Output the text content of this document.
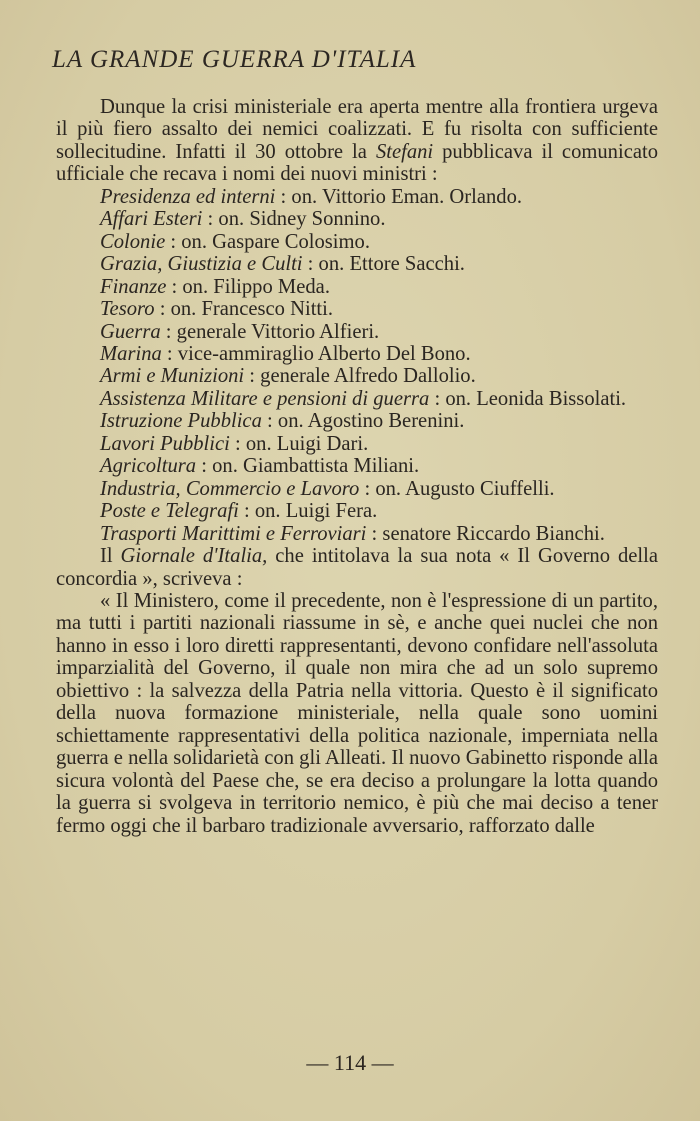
LA GRANDE GUERRA D'ITALIA

Dunque la crisi ministeriale era aperta mentre alla frontiera urgeva il più fiero assalto dei nemici coalizzati. E fu risolta con sufficiente sollecitudine. Infatti il 30 ottobre la Stefani pubblicava il comunicato ufficiale che recava i nomi dei nuovi ministri :

Presidenza ed interni : on. Vittorio Eman. Orlando.

Affari Esteri : on. Sidney Sonnino.

Colonie : on. Gaspare Colosimo.

Grazia, Giustizia e Culti : on. Ettore Sacchi.

Finanze : on. Filippo Meda.

Tesoro : on. Francesco Nitti.

Guerra : generale Vittorio Alfieri.

Marina : vice-ammiraglio Alberto Del Bono.

Armi e Munizioni : generale Alfredo Dallolio.

Assistenza Militare e pensioni di guerra : on. Leonida Bissolati.

Istruzione Pubblica : on. Agostino Berenini.

Lavori Pubblici : on. Luigi Dari.

Agricoltura : on. Giambattista Miliani.

Industria, Commercio e Lavoro : on. Augusto Ciuffelli.

Poste e Telegrafi : on. Luigi Fera.

Trasporti Marittimi e Ferroviari : senatore Riccardo Bianchi.

Il Giornale d'Italia, che intitolava la sua nota « Il Governo della concordia », scriveva :

« Il Ministero, come il precedente, non è l'espressione di un partito, ma tutti i partiti nazionali riassume in sè, e anche quei nuclei che non hanno in esso i loro diretti rappresentanti, devono confidare nell'assoluta imparzialità del Governo, il quale non mira che ad un solo supremo obiettivo : la salvezza della Patria nella vittoria. Questo è il significato della nuova formazione ministeriale, nella quale sono uomini schiettamente rappresentativi della politica nazionale, imperniata nella guerra e nella solidarietà con gli Alleati. Il nuovo Gabinetto risponde alla sicura volontà del Paese che, se era deciso a prolungare la lotta quando la guerra si svolgeva in territorio nemico, è più che mai deciso a tener fermo oggi che il barbaro tradizionale avversario, rafforzato dalle

— 114 —
